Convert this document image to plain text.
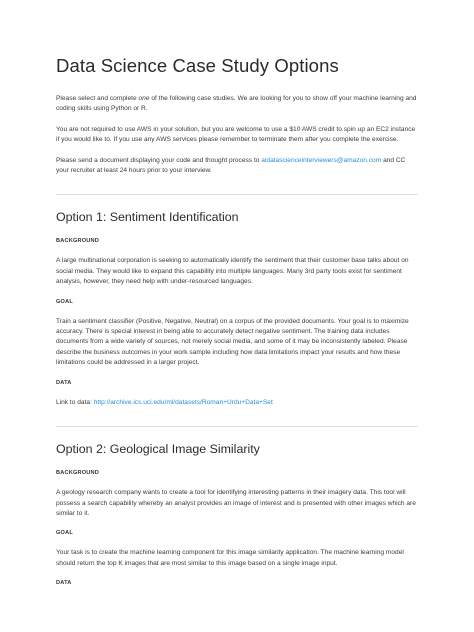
Data Science Case Study Options

Please select and complete one of the following case studies. We are looking for you to show off your machine learning and coding skills using Python or R.

You are not required to use AWS in your solution, but you are welcome to use a $10 AWS credit to spin up an EC2 instance if you would like to. If you use any AWS services please remember to terminate them after you complete the exercise.

Please send a document displaying your code and thought process to aidatascienceinterviewers@amazon.com and CC your recruiter at least 24 hours prior to your interview.

Option 1: Sentiment Identification
BACKGROUND

A large multinational corporation is seeking to automatically identify the sentiment that their customer base talks about on social media. They would like to expand this capability into multiple languages. Many 3rd party tools exist for sentiment analysis, however, they need help with under-resourced languages.

GOAL

Train a sentiment classifier (Positive, Negative, Neutral) on a corpus of the provided documents. Your goal is to maximize accuracy. There is special interest in being able to accurately detect negative sentiment. The training data includes documents from a wide variety of sources, not merely social media, and some of it may be inconsistently labeled. Please describe the business outcomes in your work sample including how data limitations impact your results and how these limitations could be addressed in a larger project.

DATA

Link to data: http://archive.ics.uci.edu/ml/datasets/Roman+Urdu+Data+Set

Option 2: Geological Image Similarity
BACKGROUND

A geology research company wants to create a tool for identifying interesting patterns in their imagery data. This tool will possess a search capability whereby an analyst provides an image of interest and is presented with other images which are similar to it.

GOAL

Your task is to create the machine learning component for this image similarity application. The machine learning model should return the top K images that are most similar to this image based on a single image input.

DATA
